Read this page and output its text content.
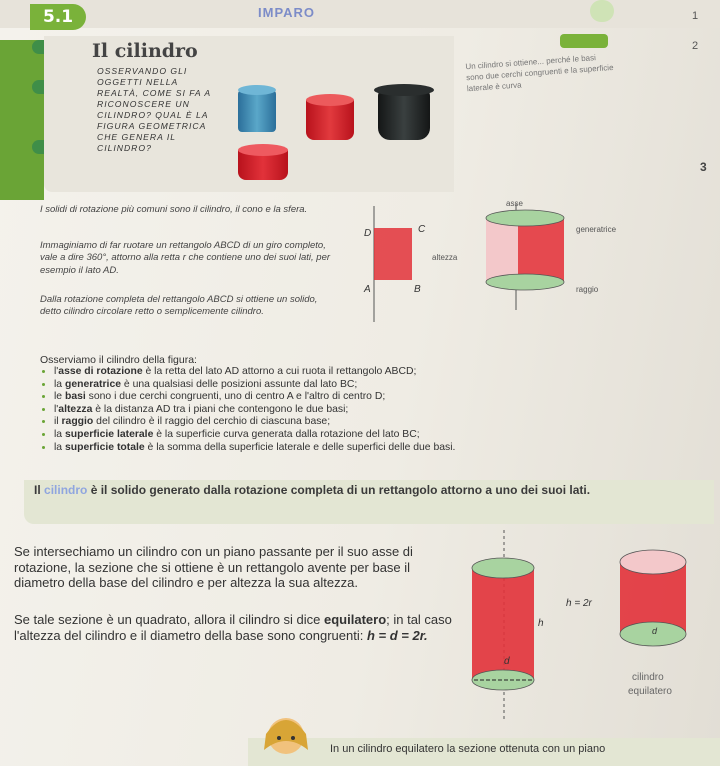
5.1	IMPARO	1
2
3
Il cilindro
OSSERVANDO GLI OGGETTI NELLA REALTÀ, COME SI FA A RICONOSCERE UN CILINDRO? QUAL È LA FIGURA GEOMETRICA CHE GENERA IL CILINDRO?
Un cilindro si ottiene... perché le basi sono due cerchi congruenti e la superficie laterale è curva
I solidi di rotazione più comuni sono il cilindro, il cono e la sfera.
Immaginiamo di far ruotare un rettangolo ABCD di un giro completo, vale a dire 360°, attorno alla retta r che contiene uno dei suoi lati, per esempio il lato AD.
Dalla rotazione completa del rettangolo ABCD si ottiene un solido, detto cilindro circolare retto o semplicemente cilindro.
D	C
A	B
asse
generatrice
altezza
raggio
Osserviamo il cilindro della figura:
• l'asse di rotazione è la retta del lato AD attorno a cui ruota il rettangolo ABCD;
• la generatrice è una qualsiasi delle posizioni assunte dal lato BC;
• le basi sono i due cerchi congruenti, uno di centro A e l'altro di centro D;
• l'altezza è la distanza AD tra i piani che contengono le due basi;
• il raggio del cilindro è il raggio del cerchio di ciascuna base;
• la superficie laterale è la superficie curva generata dalla rotazione del lato BC;
• la superficie totale è la somma della superficie laterale e delle superfici delle due basi.
Il cilindro è il solido generato dalla rotazione completa di un rettangolo attorno a uno dei suoi lati.
Se intersechiamo un cilindro con un piano passante per il suo asse di rotazione, la sezione che si ottiene è un rettangolo avente per base il diametro della base del cilindro e per altezza la sua altezza.
Se tale sezione è un quadrato, allora il cilindro si dice equilatero; in tal caso l'altezza del cilindro e il diametro della base sono congruenti: h = d = 2r.
h
d
h = 2r
d
cilindro
equilatero
In un cilindro equilatero la sezione ottenuta con un piano
